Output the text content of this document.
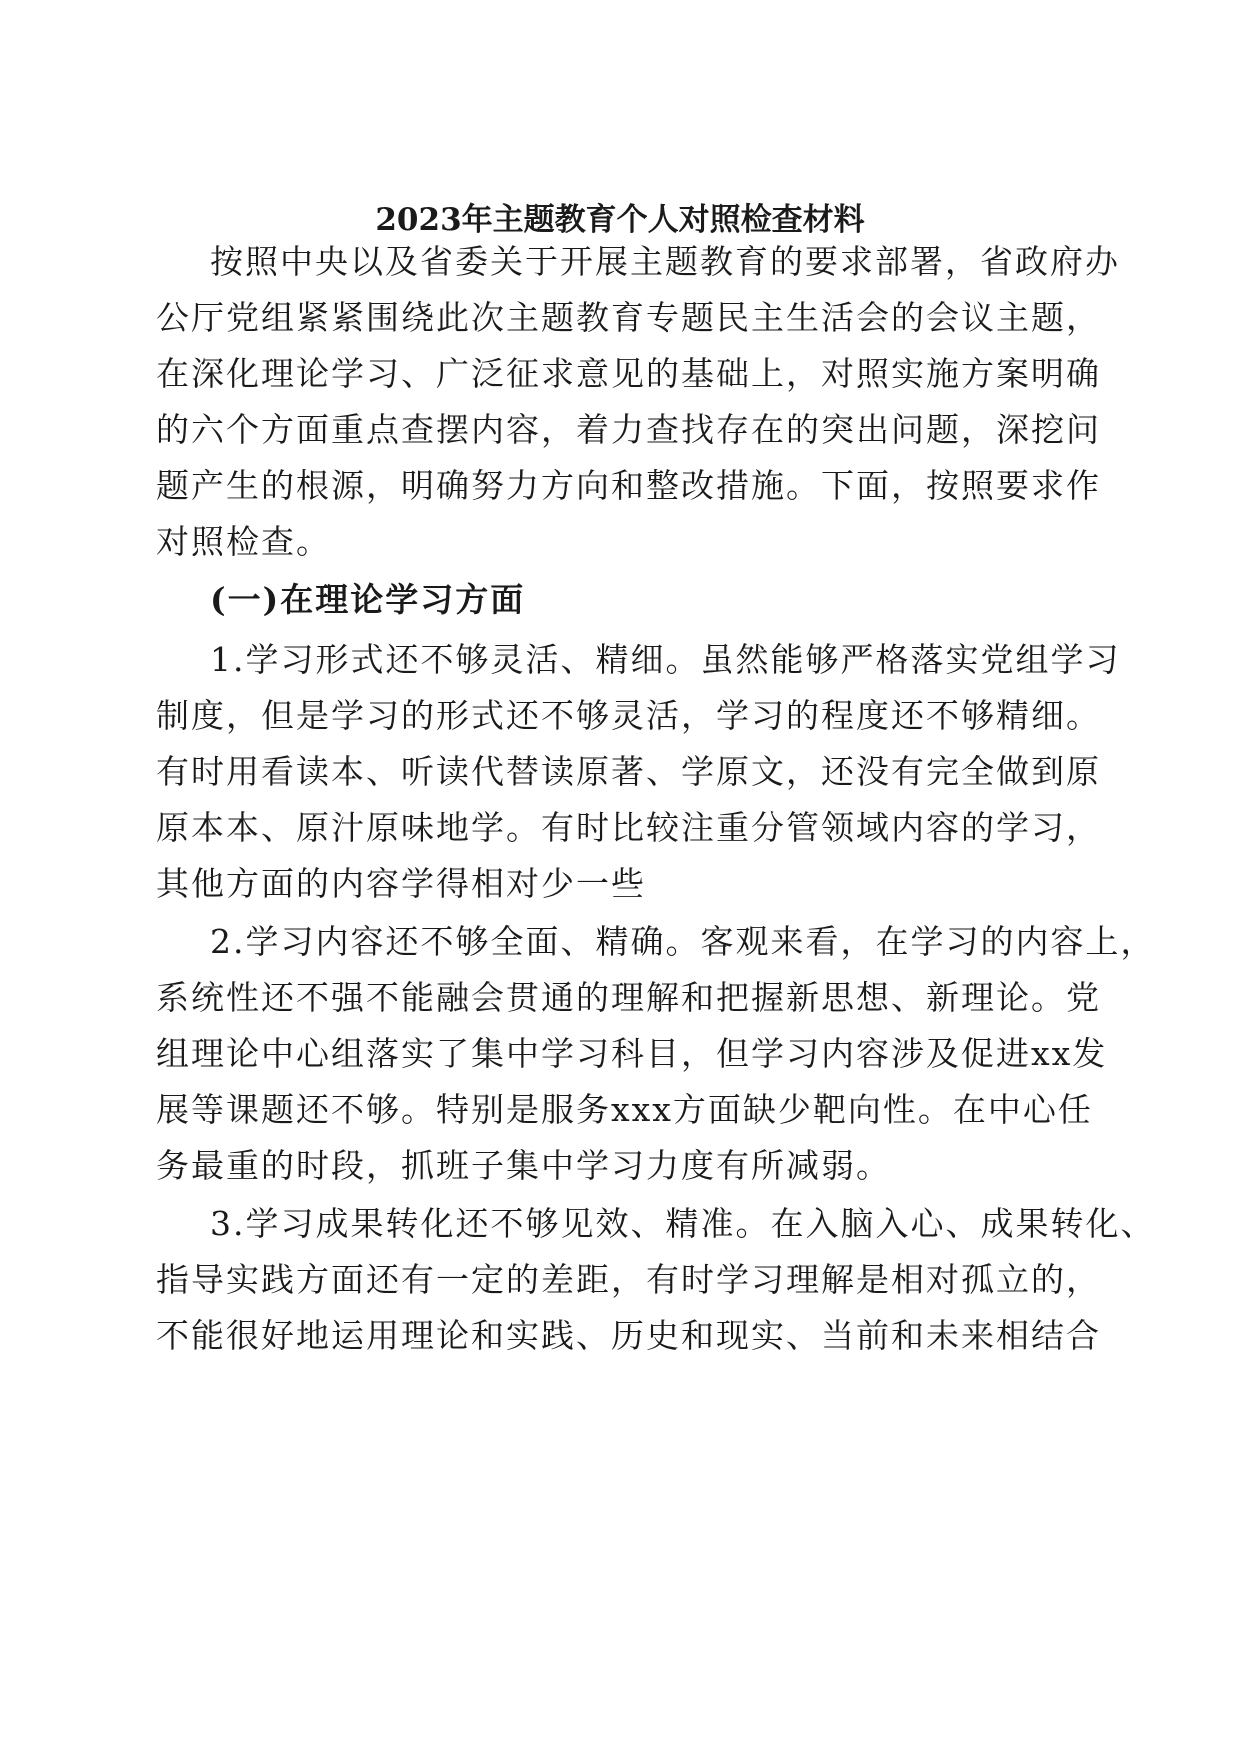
2023年主题教育个人对照检查材料
按照中央以及省委关于开展主题教育的要求部署，省政府办
公厅党组紧紧围绕此次主题教育专题民主生活会的会议主题，
在深化理论学习、广泛征求意见的基础上，对照实施方案明确
的六个方面重点查摆内容，着力查找存在的突出问题，深挖问
题产生的根源，明确努力方向和整改措施。下面，按照要求作
对照检查。
(一)在理论学习方面
1.学习形式还不够灵活、精细。虽然能够严格落实党组学习
制度，但是学习的形式还不够灵活，学习的程度还不够精细。
有时用看读本、听读代替读原著、学原文，还没有完全做到原
原本本、原汁原味地学。有时比较注重分管领域内容的学习，
其他方面的内容学得相对少一些
2.学习内容还不够全面、精确。客观来看，在学习的内容上，
系统性还不强不能融会贯通的理解和把握新思想、新理论。党
组理论中心组落实了集中学习科目，但学习内容涉及促进xx发
展等课题还不够。特别是服务xxx方面缺少靶向性。在中心任
务最重的时段，抓班子集中学习力度有所减弱。
3.学习成果转化还不够见效、精准。在入脑入心、成果转化、
指导实践方面还有一定的差距，有时学习理解是相对孤立的，
不能很好地运用理论和实践、历史和现实、当前和未来相结合
